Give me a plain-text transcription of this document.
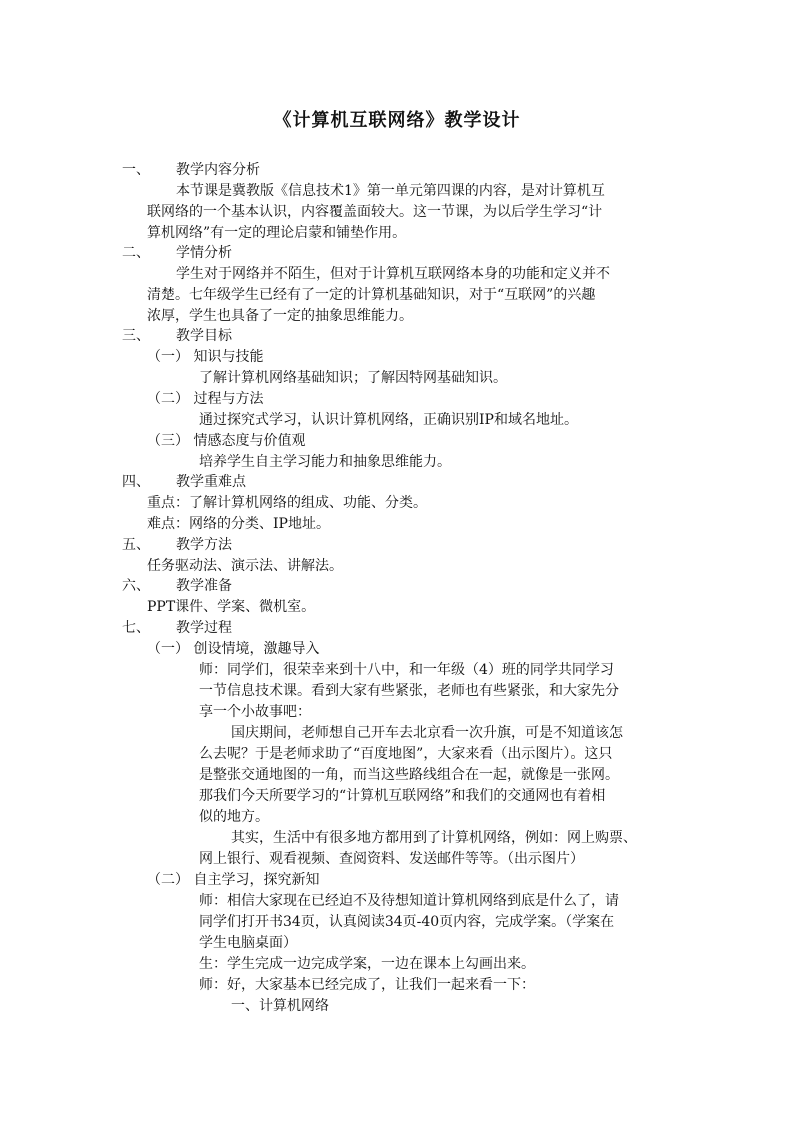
《计算机互联网络》教学设计
一、 教学内容分析
本节课是冀教版《信息技术1》第一单元第四课的内容，是对计算机互
联网络的一个基本认识，内容覆盖面较大。这一节课，为以后学生学习“计
算机网络”有一定的理论启蒙和铺垫作用。
二、 学情分析
学生对于网络并不陌生，但对于计算机互联网络本身的功能和定义并不
清楚。七年级学生已经有了一定的计算机基础知识，对于“互联网”的兴趣
浓厚，学生也具备了一定的抽象思维能力。
三、 教学目标
（一） 知识与技能
了解计算机网络基础知识；了解因特网基础知识。
（二） 过程与方法
通过探究式学习，认识计算机网络，正确识别IP和域名地址。
（三） 情感态度与价值观
培养学生自主学习能力和抽象思维能力。
四、 教学重难点
重点：了解计算机网络的组成、功能、分类。
难点：网络的分类、IP地址。
五、 教学方法
任务驱动法、演示法、讲解法。
六、 教学准备
PPT课件、学案、微机室。
七、 教学过程
（一） 创设情境，激趣导入
师：同学们，很荣幸来到十八中，和一年级（4）班的同学共同学习
一节信息技术课。看到大家有些紧张，老师也有些紧张，和大家先分
享一个小故事吧：
国庆期间，老师想自己开车去北京看一次升旗，可是不知道该怎
么去呢？于是老师求助了“百度地图”，大家来看（出示图片）。这只
是整张交通地图的一角，而当这些路线组合在一起，就像是一张网。
那我们今天所要学习的“计算机互联网络”和我们的交通网也有着相
似的地方。
其实，生活中有很多地方都用到了计算机网络，例如：网上购票、
网上银行、观看视频、查阅资料、发送邮件等等。（出示图片）
（二） 自主学习，探究新知
师：相信大家现在已经迫不及待想知道计算机网络到底是什么了，请
同学们打开书34页，认真阅读34页-40页内容，完成学案。（学案在
学生电脑桌面）
生：学生完成一边完成学案，一边在课本上勾画出来。
师：好，大家基本已经完成了，让我们一起来看一下：
一、计算机网络
